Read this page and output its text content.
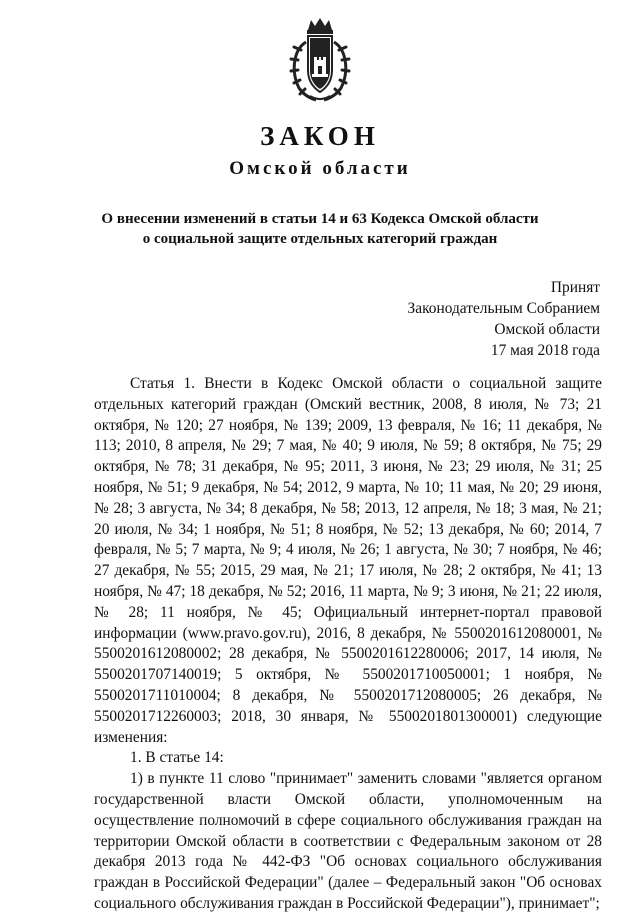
ЗАКОН
Омской области
О внесении изменений в статьи 14 и 63 Кодекса Омской области
о социальной защите отдельных категорий граждан
Принят
Законодательным Собранием
Омской области
17 мая 2018 года

Статья 1. Внести в Кодекс Омской области о социальной защите отдельных категорий граждан (Омский вестник, 2008, 8 июля, № 73; 21 октября, № 120; 27 ноября, № 139; 2009, 13 февраля, № 16; 11 декабря, № 113; 2010, 8 апреля, № 29; 7 мая, № 40; 9 июля, № 59; 8 октября, № 75; 29 октября, № 78; 31 декабря, № 95; 2011, 3 июня, № 23; 29 июля, № 31; 25 ноября, № 51; 9 декабря, № 54; 2012, 9 марта, № 10; 11 мая, № 20; 29 июня, № 28; 3 августа, № 34; 8 декабря, № 58; 2013, 12 апреля, № 18; 3 мая, № 21; 20 июля, № 34; 1 ноября, № 51; 8 ноября, № 52; 13 декабря, № 60; 2014, 7 февраля, № 5; 7 марта, № 9; 4 июля, № 26; 1 августа, № 30; 7 ноября, № 46; 27 декабря, № 55; 2015, 29 мая, № 21; 17 июля, № 28; 2 октября, № 41; 13 ноября, № 47; 18 декабря, № 52; 2016, 11 марта, № 9; 3 июня, № 21; 22 июля, № 28; 11 ноября, № 45; Официальный интернет-портал правовой информации (www.pravo.gov.ru), 2016, 8 декабря, № 5500201612080001, № 5500201612080002; 28 декабря, № 5500201612280006; 2017, 14 июля, № 5500201707140019; 5 октября, № 5500201710050001; 1 ноября, № 5500201711010004; 8 декабря, № 5500201712080005; 26 декабря, № 5500201712260003; 2018, 30 января, № 5500201801300001) следующие изменения:

1. В статье 14:

1) в пункте 11 слово "принимает" заменить словами "является органом государственной власти Омской области, уполномоченным на осуществление полномочий в сфере социального обслуживания граждан на территории Омской области в соответствии с Федеральным законом от 28 декабря 2013 года № 442-ФЗ "Об основах социального обслуживания граждан в Российской Федерации" (далее – Федеральный закон "Об основах социального обслуживания граждан в Российской Федерации"), принимает";
